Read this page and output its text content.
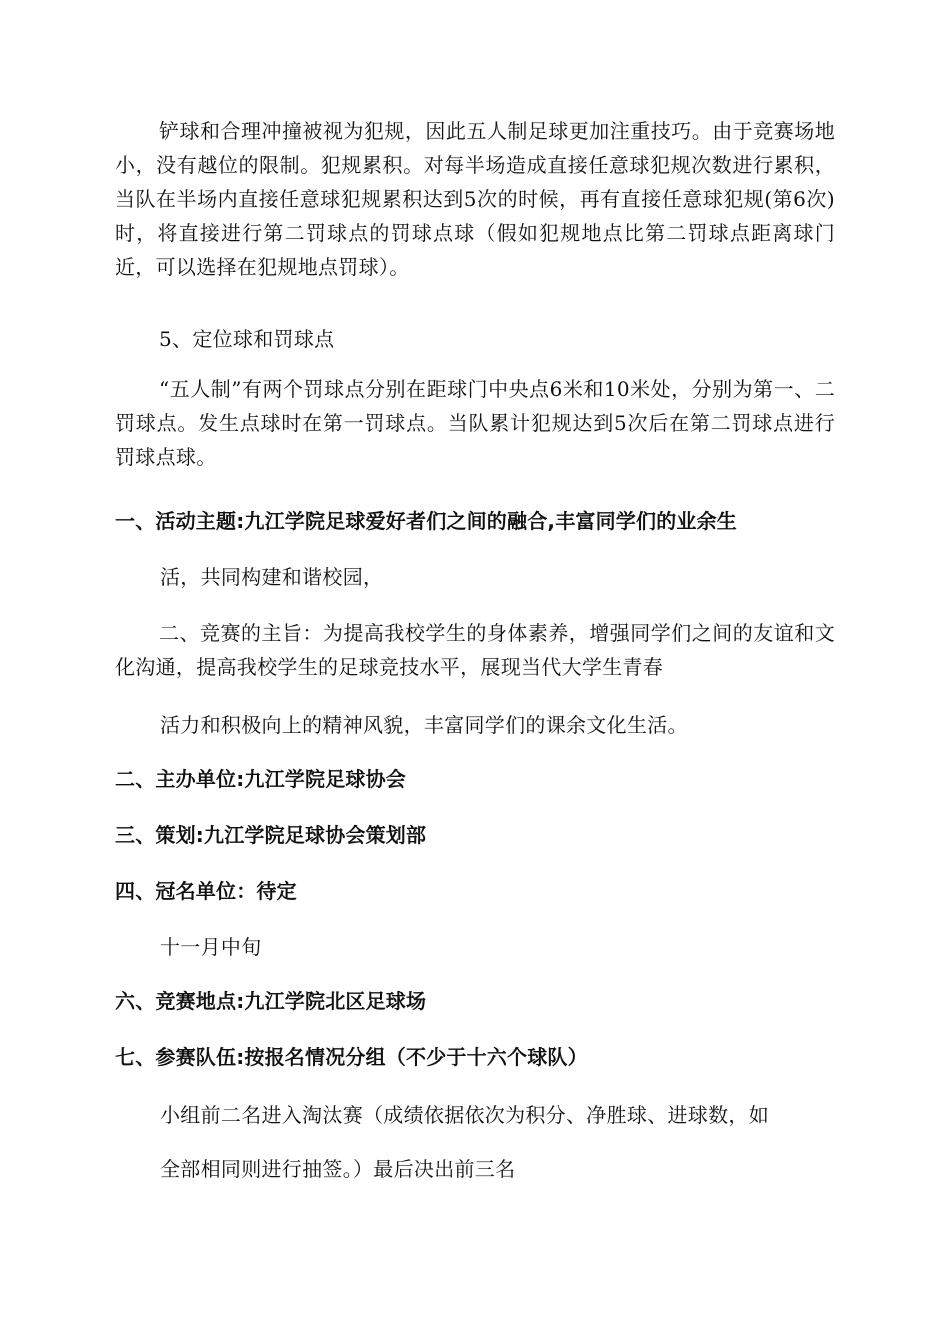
铲球和合理冲撞被视为犯规，因此五人制足球更加注重技巧。由于竞赛场地小，没有越位的限制。犯规累积。对每半场造成直接任意球犯规次数进行累积，当队在半场内直接任意球犯规累积达到5次的时候，再有直接任意球犯规(第6次)时，将直接进行第二罚球点的罚球点球（假如犯规地点比第二罚球点距离球门近，可以选择在犯规地点罚球）。

5、定位球和罚球点

“五人制”有两个罚球点分别在距球门中央点6米和10米处，分别为第一、二罚球点。发生点球时在第一罚球点。当队累计犯规达到5次后在第二罚球点进行罚球点球。

一、活动主题:九江学院足球爱好者们之间的融合,丰富同学们的业余生

活，共同构建和谐校园，

二、竞赛的主旨：为提高我校学生的身体素养，增强同学们之间的友谊和文化沟通，提高我校学生的足球竞技水平，展现当代大学生青春

活力和积极向上的精神风貌，丰富同学们的课余文化生活。

二、主办单位:九江学院足球协会

三、策划:九江学院足球协会策划部

四、冠名单位：待定

十一月中旬

六、竞赛地点:九江学院北区足球场

七、参赛队伍:按报名情况分组（不少于十六个球队）

小组前二名进入淘汰赛（成绩依据依次为积分、净胜球、进球数，如

全部相同则进行抽签。）最后决出前三名
